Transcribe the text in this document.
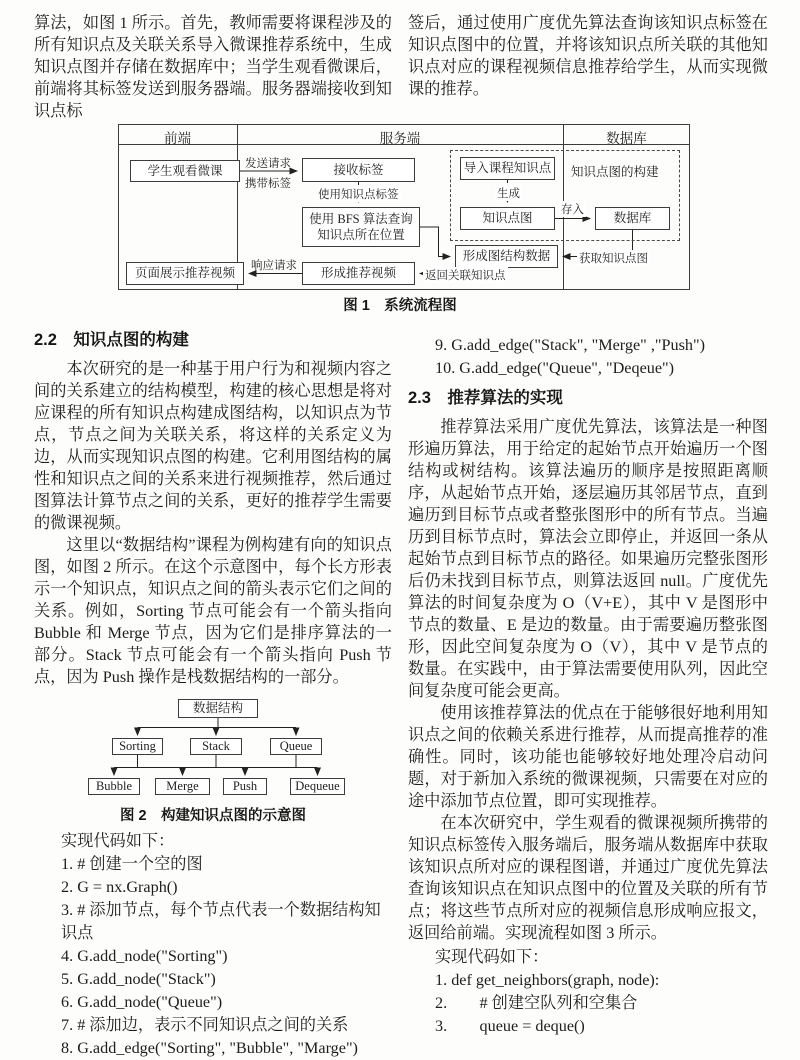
算法，如图 1 所示。首先，教师需要将课程涉及的所有知识点及关联关系导入微课推荐系统中，生成知识点图并存储在数据库中；当学生观看微课后，前端将其标签发送到服务器端。服务器端接收到知识点标

签后，通过使用广度优先算法查询该知识点标签在知识点图中的位置，并将该知识点所关联的其他知识点对应的课程视频信息推荐给学生，从而实现微课的推荐。

前端	服务端	数据库
知识点图的构建
学生观看微课	接收标签
使用 BFS 算法查询
知识点所在位置
形成推荐视频
页面展示推荐视频
导入课程知识点
知识点图	数据库
形成图结构数据
发送请求
携带标签
使用知识点标签	生成
存入
获取知识点图
返回关联知识点
响应请求
图 1　系统流程图
2.2　知识点图的构建

本次研究的是一种基于用户行为和视频内容之间的关系建立的结构模型，构建的核心思想是将对应课程的所有知识点构建成图结构，以知识点为节点，节点之间为关联关系，将这样的关系定义为边，从而实现知识点图的构建。它利用图结构的属性和知识点之间的关系来进行视频推荐，然后通过图算法计算节点之间的关系，更好的推荐学生需要的微课视频。

这里以“数据结构”课程为例构建有向的知识点图，如图 2 所示。在这个示意图中，每个长方形表示一个知识点，知识点之间的箭头表示它们之间的关系。例如，Sorting 节点可能会有一个箭头指向 Bubble 和 Merge 节点，因为它们是排序算法的一部分。Stack 节点可能会有一个箭头指向 Push 节点，因为 Push 操作是栈数据结构的一部分。

数据结构
Sorting	Stack	Queue
Bubble	Merge	Push	Dequeue
图 2　构建知识点图的示意图
实现代码如下：
1. # 创建一个空的图
2. G = nx.Graph()
3. # 添加节点，每个节点代表一个数据结构知识点
4. G.add_node("Sorting")
5. G.add_node("Stack")
6. G.add_node("Queue")
7. # 添加边，表示不同知识点之间的关系
8. G.add_edge("Sorting", "Bubble", "Marge")
9. G.add_edge("Stack", "Merge" ,"Push")
10. G.add_edge("Queue", "Deqeue")
2.3　推荐算法的实现

推荐算法采用广度优先算法，该算法是一种图形遍历算法，用于给定的起始节点开始遍历一个图结构或树结构。该算法遍历的顺序是按照距离顺序，从起始节点开始，逐层遍历其邻居节点，直到遍历到目标节点或者整张图形中的所有节点。当遍历到目标节点时，算法会立即停止，并返回一条从起始节点到目标节点的路径。如果遍历完整张图形后仍未找到目标节点，则算法返回 null。广度优先算法的时间复杂度为 O（V+E），其中 V 是图形中节点的数量、E 是边的数量。由于需要遍历整张图形，因此空间复杂度为 O（V），其中 V 是节点的数量。在实践中，由于算法需要使用队列，因此空间复杂度可能会更高。

使用该推荐算法的优点在于能够很好地利用知识点之间的依赖关系进行推荐，从而提高推荐的准确性。同时，该功能也能够较好地处理冷启动问题，对于新加入系统的微课视频，只需要在对应的途中添加节点位置，即可实现推荐。

在本次研究中，学生观看的微课视频所携带的知识点标签传入服务端后，服务端从数据库中获取该知识点所对应的课程图谱，并通过广度优先算法查询该知识点在知识点图中的位置及关联的所有节点；将这些节点所对应的视频信息形成响应报文，返回给前端。实现流程如图 3 所示。

实现代码如下：
1. def get_neighbors(graph, node):
2.　　# 创建空队列和空集合
3.　　queue = deque()
